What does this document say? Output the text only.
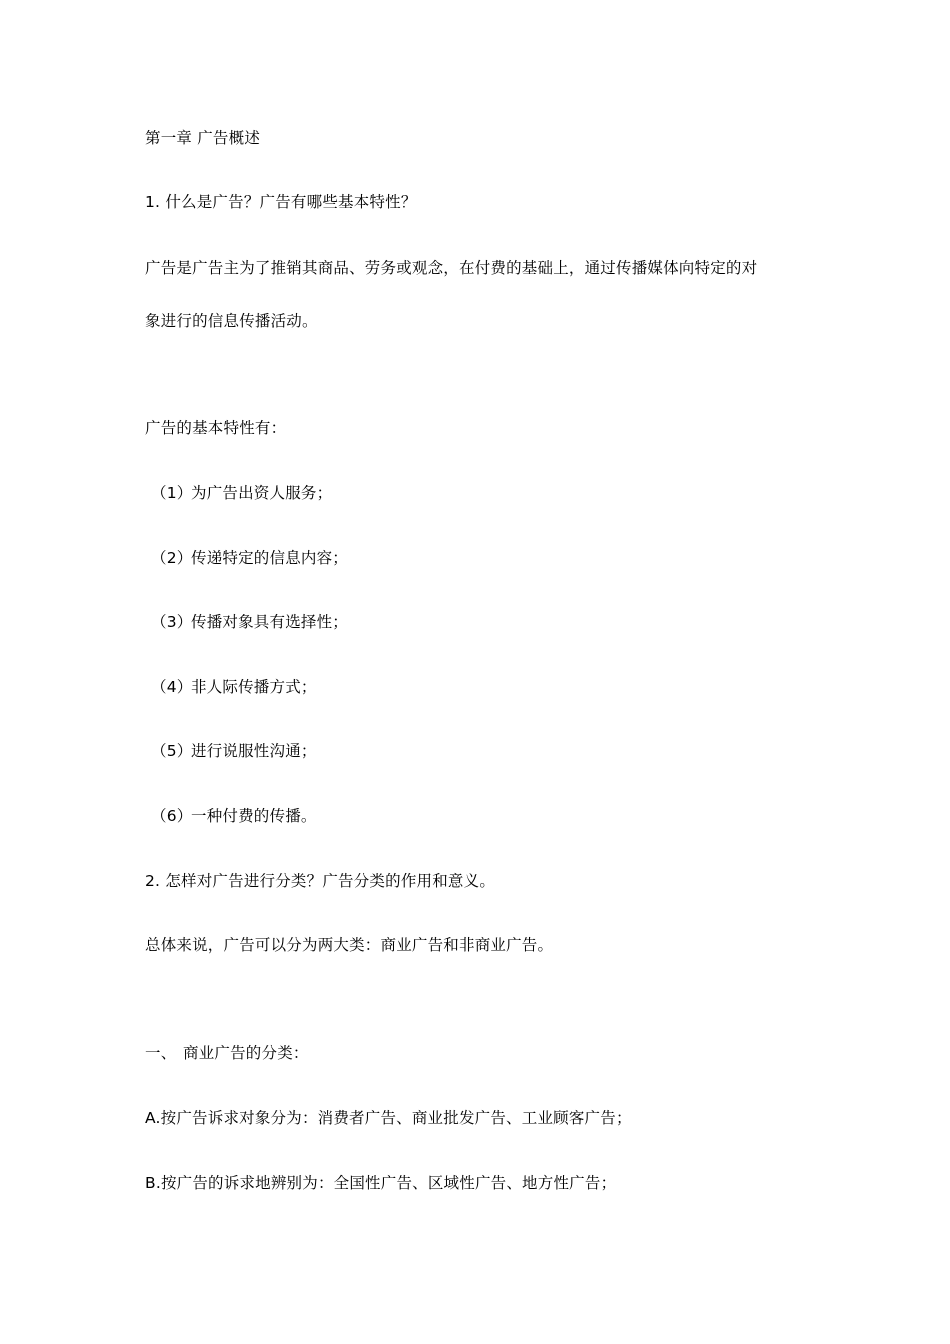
第一章 广告概述
1. 什么是广告？广告有哪些基本特性？
广告是广告主为了推销其商品、劳务或观念，在付费的基础上，通过传播媒体向特定的对
象进行的信息传播活动。
广告的基本特性有：
（1）为广告出资人服务；
（2）传递特定的信息内容；
（3）传播对象具有选择性；
（4）非人际传播方式；
（5）进行说服性沟通；
（6）一种付费的传播。
2. 怎样对广告进行分类？广告分类的作用和意义。
总体来说，广告可以分为两大类：商业广告和非商业广告。
一、 商业广告的分类：
A.按广告诉求对象分为：消费者广告、商业批发广告、工业顾客广告；
B.按广告的诉求地辨别为：全国性广告、区域性广告、地方性广告；
